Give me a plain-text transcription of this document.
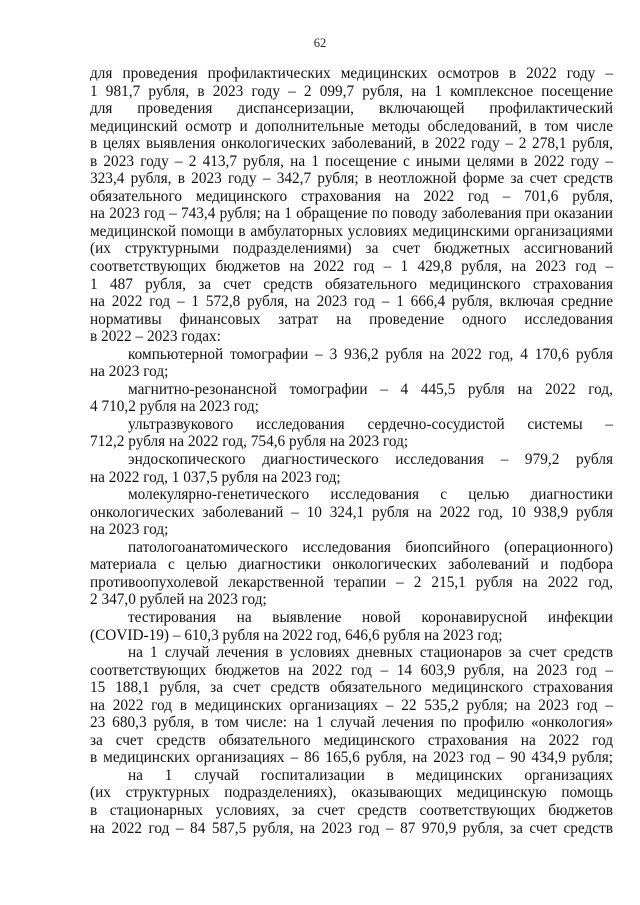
62
для проведения профилактических медицинских осмотров в 2022 году –
1 981,7 рубля, в 2023 году – 2 099,7 рубля, на 1 комплексное посещение
для проведения диспансеризации, включающей профилактический
медицинский осмотр и дополнительные методы обследований, в том числе
в целях выявления онкологических заболеваний, в 2022 году – 2 278,1 рубля,
в 2023 году – 2 413,7 рубля, на 1 посещение с иными целями в 2022 году –
323,4 рубля, в 2023 году – 342,7 рубля; в неотложной форме за счет средств
обязательного медицинского страхования на 2022 год – 701,6 рубля,
на 2023 год – 743,4 рубля; на 1 обращение по поводу заболевания при оказании
медицинской помощи в амбулаторных условиях медицинскими организациями
(их структурными подразделениями) за счет бюджетных ассигнований
соответствующих бюджетов на 2022 год – 1 429,8 рубля, на 2023 год –
1 487 рубля, за счет средств обязательного медицинского страхования
на 2022 год – 1 572,8 рубля, на 2023 год – 1 666,4 рубля, включая средние
нормативы финансовых затрат на проведение одного исследования
в 2022 – 2023 годах:
компьютерной томографии – 3 936,2 рубля на 2022 год, 4 170,6 рубля
на 2023 год;
магнитно-резонансной томографии – 4 445,5 рубля на 2022 год,
4 710,2 рубля на 2023 год;
ультразвукового исследования сердечно-сосудистой системы –
712,2 рубля на 2022 год, 754,6 рубля на 2023 год;
эндоскопического диагностического исследования – 979,2 рубля
на 2022 год, 1 037,5 рубля на 2023 год;
молекулярно-генетического исследования с целью диагностики
онкологических заболеваний – 10 324,1 рубля на 2022 год, 10 938,9 рубля
на 2023 год;
патологоанатомического исследования биопсийного (операционного)
материала с целью диагностики онкологических заболеваний и подбора
противоопухолевой лекарственной терапии – 2 215,1 рубля на 2022 год,
2 347,0 рублей на 2023 год;
тестирования на выявление новой коронавирусной инфекции
(COVID-19) – 610,3 рубля на 2022 год, 646,6 рубля на 2023 год;
на 1 случай лечения в условиях дневных стационаров за счет средств
соответствующих бюджетов на 2022 год – 14 603,9 рубля, на 2023 год –
15 188,1 рубля, за счет средств обязательного медицинского страхования
на 2022 год в медицинских организациях – 22 535,2 рубля; на 2023 год –
23 680,3 рубля, в том числе: на 1 случай лечения по профилю «онкология»
за счет средств обязательного медицинского страхования на 2022 год
в медицинских организациях – 86 165,6 рубля, на 2023 год – 90 434,9 рубля;
на 1 случай госпитализации в медицинских организациях
(их структурных подразделениях), оказывающих медицинскую помощь
в стационарных условиях, за счет средств соответствующих бюджетов
на 2022 год – 84 587,5 рубля, на 2023 год – 87 970,9 рубля, за счет средств
